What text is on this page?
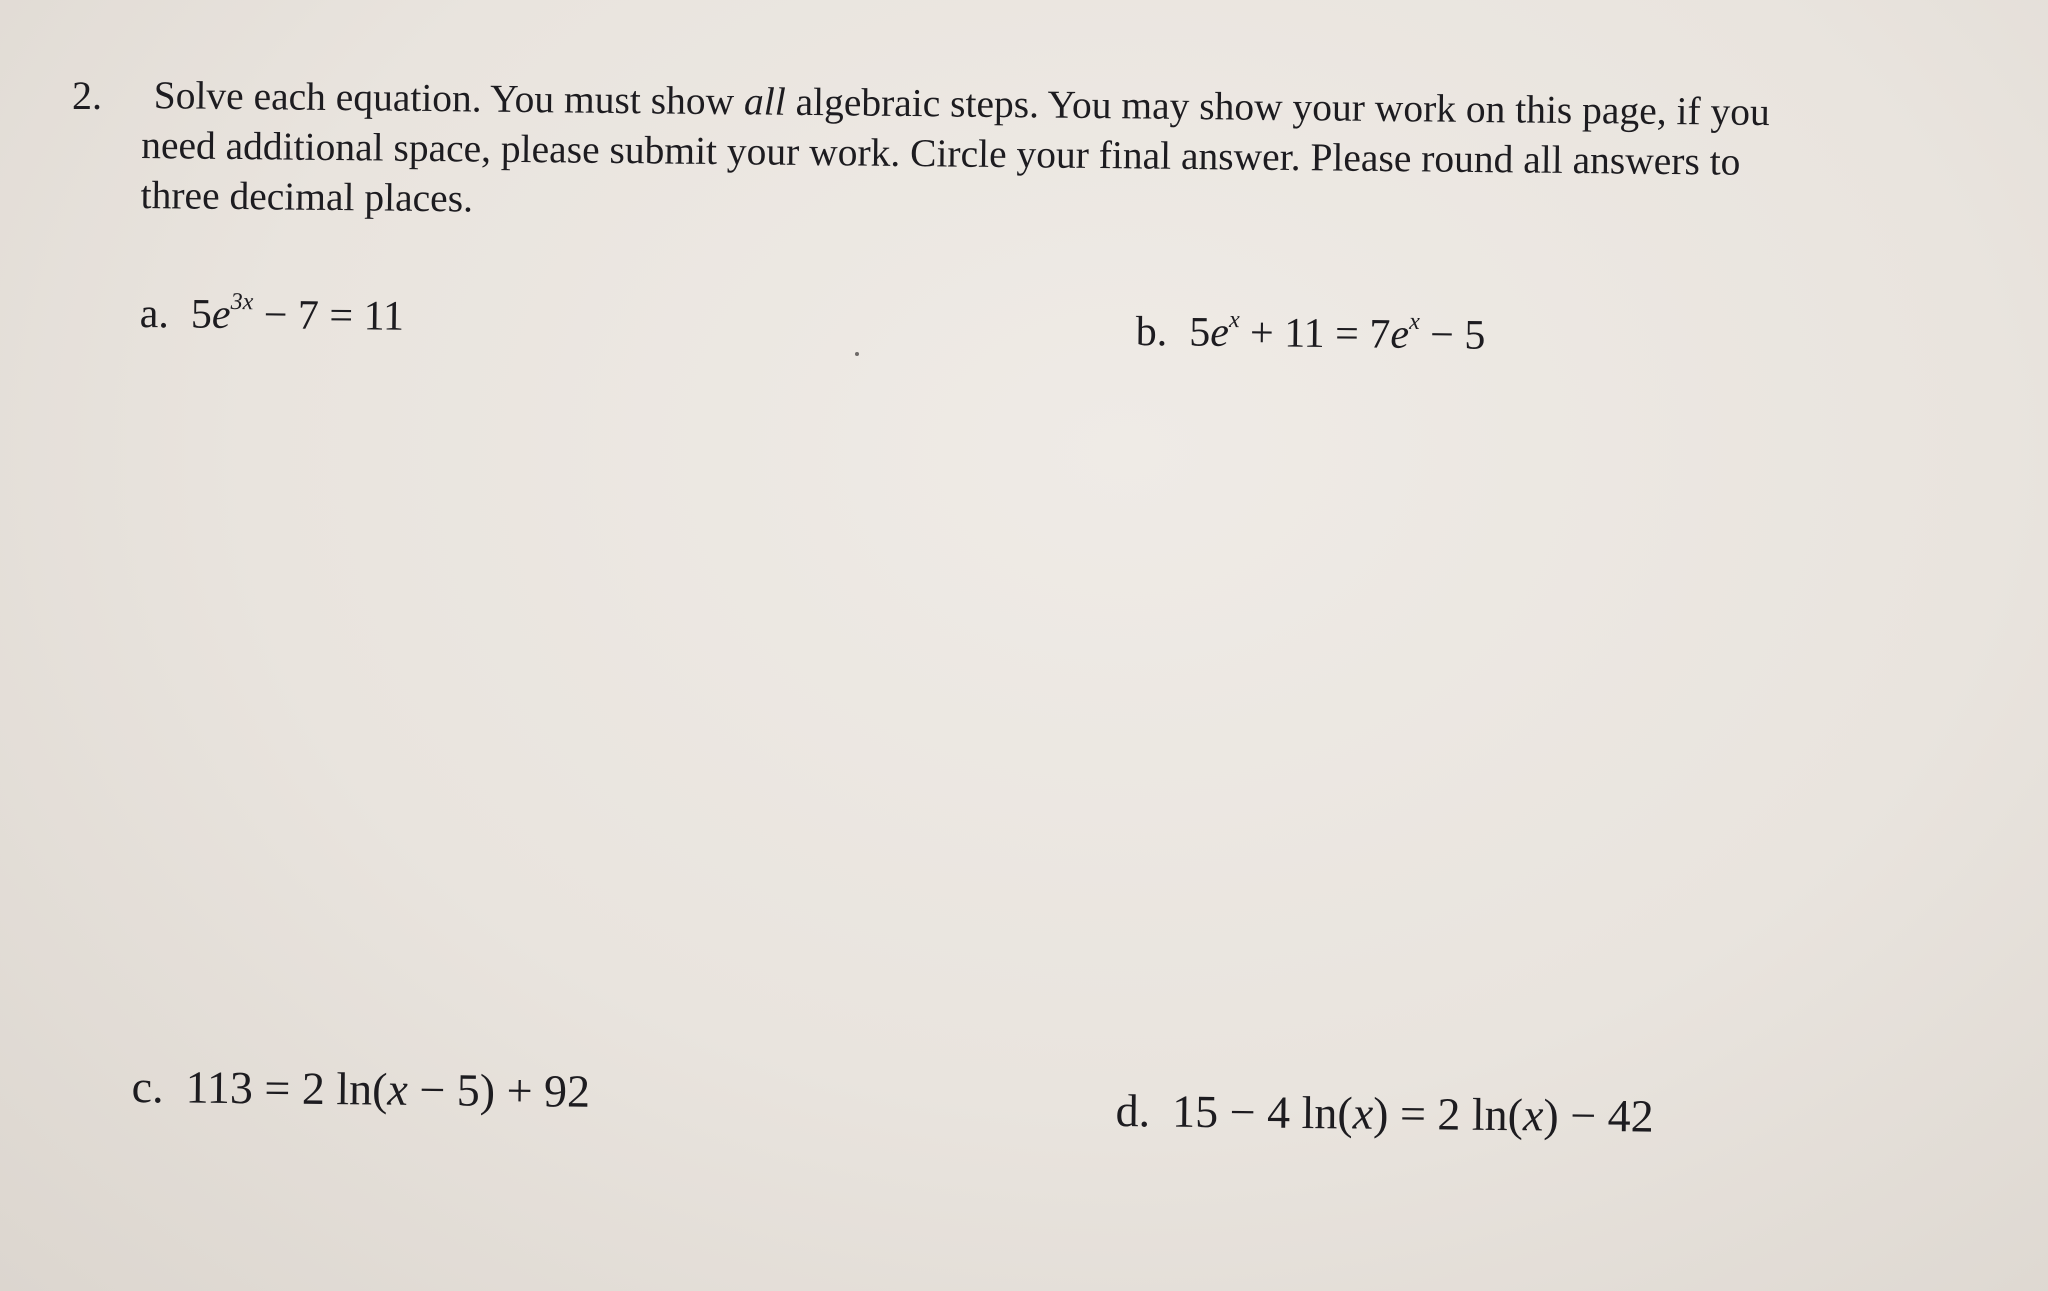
2.	Solve each equation. You must show all algebraic steps. You may show your work on this page, if you
need additional space, please submit your work. Circle your final answer. Please round all answers to
three decimal places.
a. $5e^{3x} - 7 = 11$	b. $5e^x + 11 = 7e^x - 5$
c. 113 = 2 ln(x − 5) + 92	d. 15 − 4 ln(x) = 2 ln(x) − 42
